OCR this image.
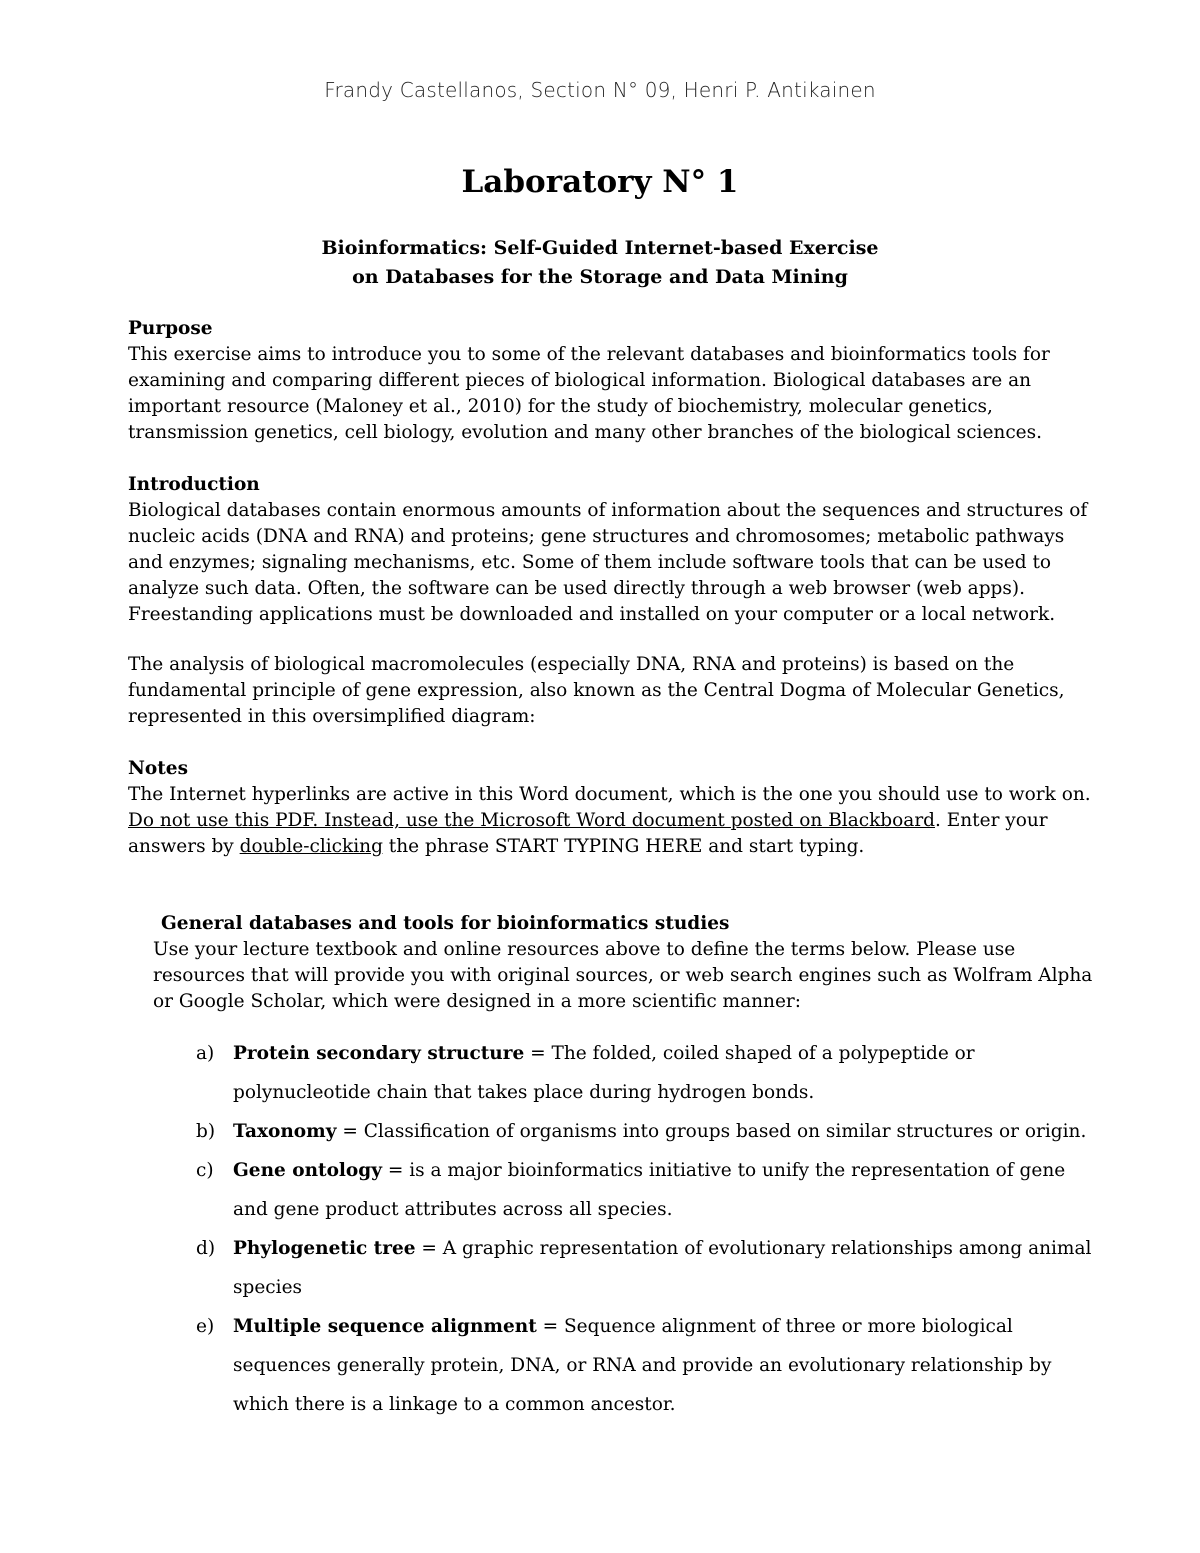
Frandy Castellanos, Section N° 09, Henri P. Antikainen
Laboratory N° 1
Bioinformatics: Self-Guided Internet-based Exercise
on Databases for the Storage and Data Mining
Purpose

This exercise aims to introduce you to some of the relevant databases and bioinformatics tools for examining and comparing different pieces of biological information. Biological databases are an important resource (Maloney et al., 2010) for the study of biochemistry, molecular genetics, transmission genetics, cell biology, evolution and many other branches of the biological sciences.

Introduction

Biological databases contain enormous amounts of information about the sequences and structures of nucleic acids (DNA and RNA) and proteins; gene structures and chromosomes; metabolic pathways and enzymes; signaling mechanisms, etc. Some of them include software tools that can be used to analyze such data. Often, the software can be used directly through a web browser (web apps). Freestanding applications must be downloaded and installed on your computer or a local network.

The analysis of biological macromolecules (especially DNA, RNA and proteins) is based on the fundamental principle of gene expression, also known as the Central Dogma of Molecular Genetics, represented in this oversimplified diagram:

Notes

The Internet hyperlinks are active in this Word document, which is the one you should use to work on. Do not use this PDF. Instead, use the Microsoft Word document posted on Blackboard. Enter your answers by double-clicking the phrase START TYPING HERE and start typing.

General databases and tools for bioinformatics studies

Use your lecture textbook and online resources above to define the terms below. Please use resources that will provide you with original sources, or web search engines such as Wolfram Alpha or Google Scholar, which were designed in a more scientific manner:

a)	Protein secondary structure = The folded, coiled shaped of a polypeptide or polynucleotide chain that takes place during hydrogen bonds.
b) Taxonomy = Classification of organisms into groups based on similar structures or origin.
c)	Gene ontology = is a major bioinformatics initiative to unify the representation of gene and gene product attributes across all species.
d) Phylogenetic tree = A graphic representation of evolutionary relationships among animal species
e)	Multiple sequence alignment = Sequence alignment of three or more biological sequences generally protein, DNA, or RNA and provide an evolutionary relationship by which there is a linkage to a common ancestor.
